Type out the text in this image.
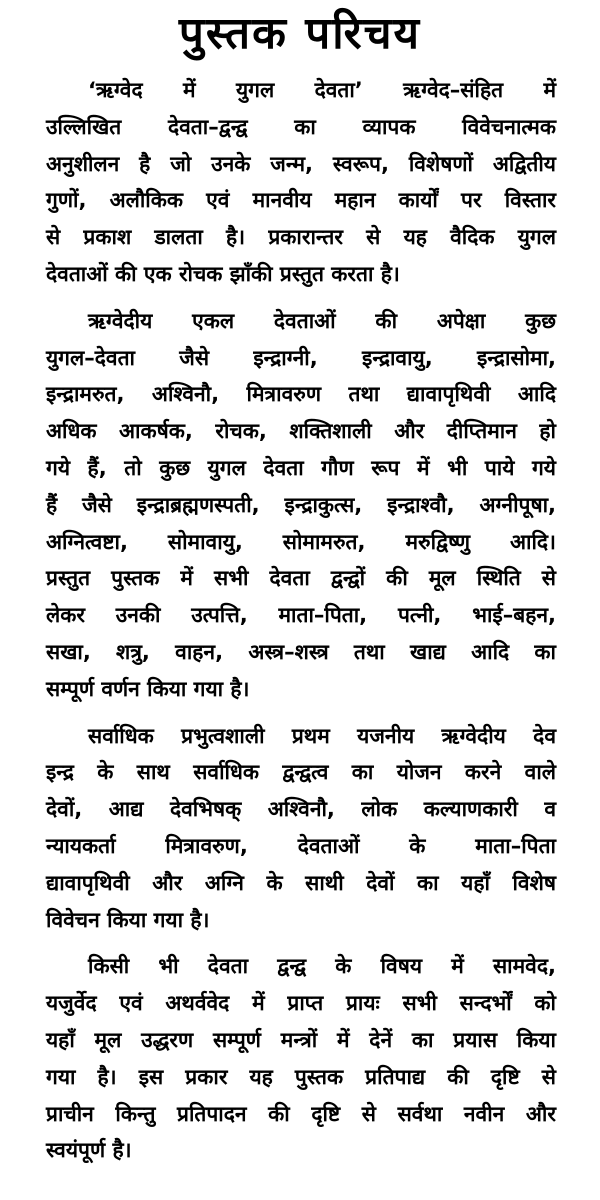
पुस्तक परिचय

‘ऋग्वेद में युगल देवता’ ऋग्वेद–संहित में
उल्लिखित देवता–द्वन्द्व का व्यापक विवेचनात्मक
अनुशीलन है जो उनके जन्म, स्वरूप, विशेषणों अद्वितीय
गुणों, अलौकिक एवं मानवीय महान कार्यों पर विस्तार
से प्रकाश डालता है। प्रकारान्तर से यह वैदिक युगल
देवताओं की एक रोचक झाँकी प्रस्तुत करता है।

ऋग्वेदीय एकल देवताओं की अपेक्षा कुछ
युगल–देवता जैसे इन्द्राग्नी, इन्द्रावायु, इन्द्रासोमा,
इन्द्रामरुत, अश्विनौ, मित्रावरुण तथा द्यावापृथिवी आदि
अधिक आकर्षक, रोचक, शक्तिशाली और दीप्तिमान हो
गये हैं, तो कुछ युगल देवता गौण रूप में भी पाये गये
हैं जैसे इन्द्राब्रह्मणस्पती, इन्द्राकुत्स, इन्द्राश्वौ, अग्नीपूषा,
अग्नित्वष्टा, सोमावायु, सोमामरुत, मरुद्विष्णु आदि।
प्रस्तुत पुस्तक में सभी देवता द्वन्द्वों की मूल स्थिति से
लेकर उनकी उत्पत्ति, माता–पिता, पत्नी, भाई–बहन,
सखा, शत्रु, वाहन, अस्त्र–शस्त्र तथा खाद्य आदि का
सम्पूर्ण वर्णन किया गया है।

सर्वाधिक प्रभुत्वशाली प्रथम यजनीय ऋग्वेदीय देव
इन्द्र के साथ सर्वाधिक द्वन्द्वत्व का योजन करने वाले
देवों, आद्य देवभिषक् अश्विनौ, लोक कल्याणकारी व
न्यायकर्ता मित्रावरुण, देवताओं के माता–पिता
द्यावापृथिवी और अग्नि के साथी देवों का यहाँ विशेष
विवेचन किया गया है।

किसी भी देवता द्वन्द्व के विषय में सामवेद,
यजुर्वेद एवं अथर्ववेद में प्राप्त प्रायः सभी सन्दर्भों को
यहाँ मूल उद्धरण सम्पूर्ण मन्त्रों में देनें का प्रयास किया
गया है। इस प्रकार यह पुस्तक प्रतिपाद्य की दृष्टि से
प्राचीन किन्तु प्रतिपादन की दृष्टि से सर्वथा नवीन और
स्वयंपूर्ण है।
